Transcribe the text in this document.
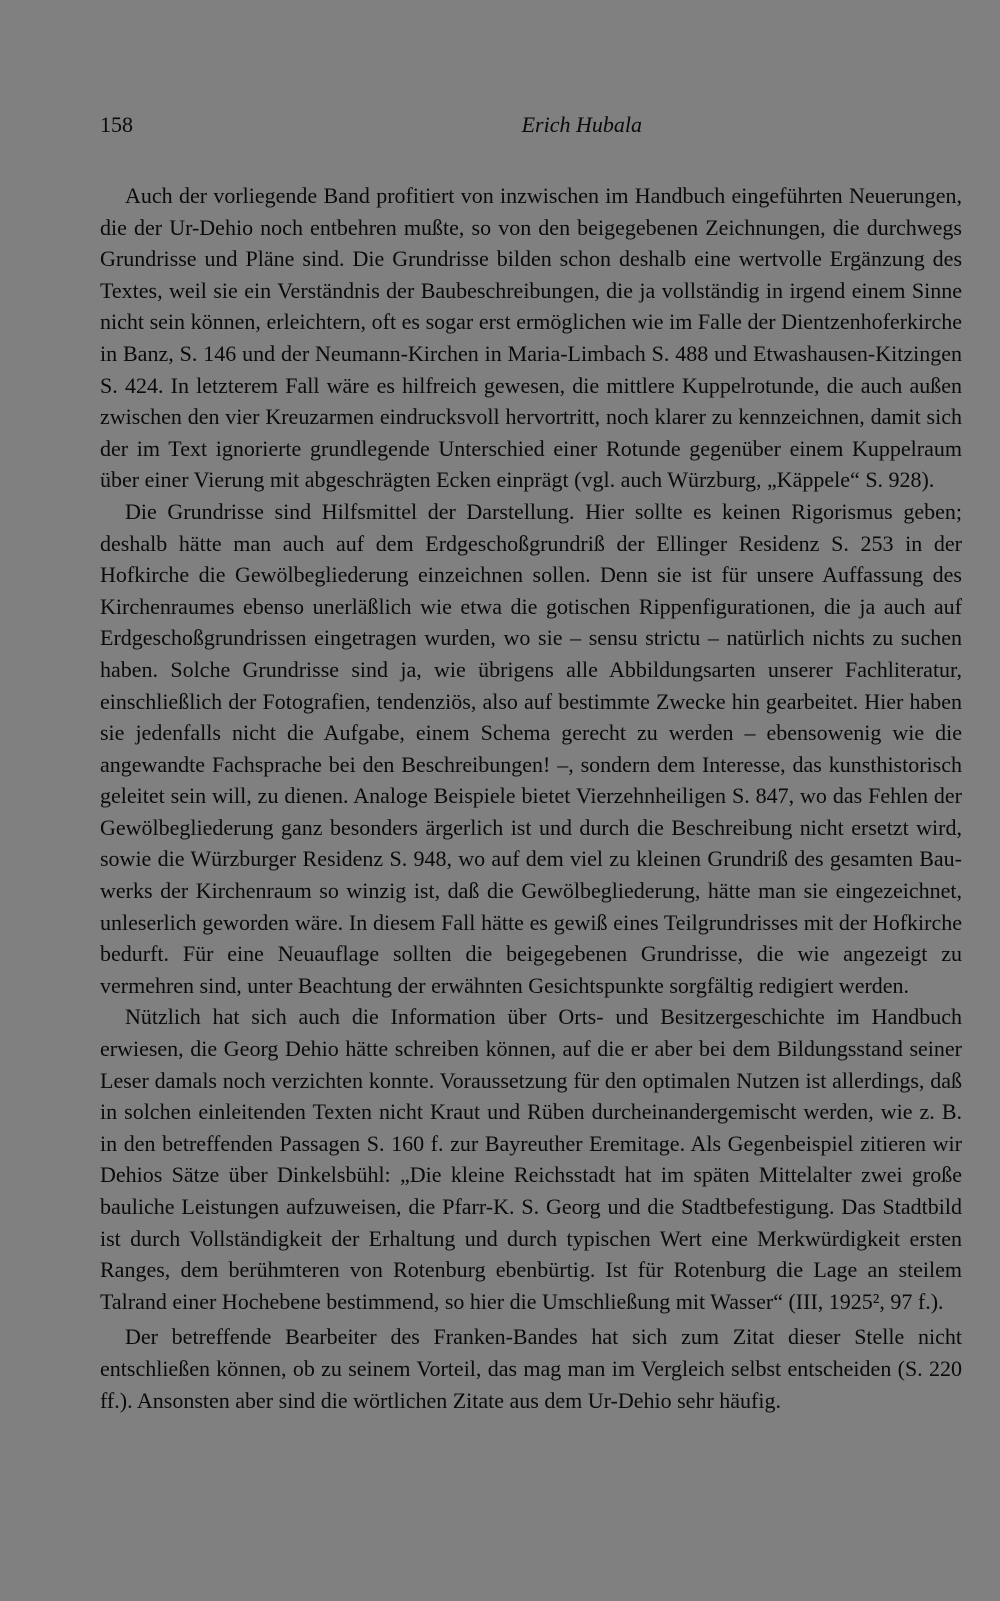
158	Erich Hubala

Auch der vorliegende Band profitiert von inzwischen im Handbuch eingeführten Neuerungen, die der Ur-Dehio noch entbehren mußte, so von den beigegebenen Zeichnungen, die durchwegs Grundrisse und Pläne sind. Die Grundrisse bilden schon deshalb eine wertvolle Ergänzung des Textes, weil sie ein Verständnis der Baubeschreibungen, die ja vollständig in irgend einem Sinne nicht sein können, erleichtern, oft es sogar erst ermöglichen wie im Falle der Dientzenhoferkirche in Banz, S. 146 und der Neumann-Kirchen in Maria-Limbach S. 488 und Etwashausen-Kitzingen S. 424. In letzterem Fall wäre es hilfreich gewesen, die mittlere Kuppelrotunde, die auch außen zwischen den vier Kreuzarmen eindrucksvoll hervortritt, noch klarer zu kennzeichnen, damit sich der im Text ignorierte grundlegende Unterschied einer Rotunde gegenüber einem Kuppelraum über einer Vierung mit abgeschrägten Ecken einprägt (vgl. auch Würzburg, „Käppele“ S. 928).

Die Grundrisse sind Hilfsmittel der Darstellung. Hier sollte es keinen Rigorismus geben; deshalb hätte man auch auf dem Erdgeschoßgrundriß der Ellinger Residenz S. 253 in der Hofkirche die Gewölbegliederung einzeichnen sollen. Denn sie ist für unsere Auffassung des Kirchenraumes ebenso unerläßlich wie etwa die gotischen Rippenfigurationen, die ja auch auf Erdgeschoßgrundrissen eingetragen wurden, wo sie – sensu strictu – natürlich nichts zu suchen haben. Solche Grundrisse sind ja, wie übrigens alle Abbildungsarten unserer Fachliteratur, einschließlich der Fotografien, tendenziös, also auf bestimmte Zwecke hin gearbeitet. Hier haben sie jedenfalls nicht die Aufgabe, einem Schema gerecht zu werden – ebensowenig wie die angewandte Fachsprache bei den Beschreibungen! –, sondern dem Interesse, das kunsthistorisch geleitet sein will, zu dienen. Analoge Beispiele bietet Vierzehnheiligen S. 847, wo das Fehlen der Gewölbegliederung ganz besonders ärgerlich ist und durch die Beschreibung nicht ersetzt wird, sowie die Würzburger Residenz S. 948, wo auf dem viel zu kleinen Grundriß des gesamten Bauwerks der Kirchenraum so winzig ist, daß die Gewölbegliederung, hätte man sie eingezeichnet, unleserlich geworden wäre. In diesem Fall hätte es gewiß eines Teilgrundrisses mit der Hofkirche bedurft. Für eine Neuauflage sollten die beigegebenen Grundrisse, die wie angezeigt zu vermehren sind, unter Beachtung der erwähnten Gesichtspunkte sorgfältig redigiert werden.

Nützlich hat sich auch die Information über Orts- und Besitzergeschichte im Handbuch erwiesen, die Georg Dehio hätte schreiben können, auf die er aber bei dem Bildungsstand seiner Leser damals noch verzichten konnte. Voraussetzung für den optimalen Nutzen ist allerdings, daß in solchen einleitenden Texten nicht Kraut und Rüben durcheinandergemischt werden, wie z. B. in den betreffenden Passagen S. 160 f. zur Bayreuther Eremitage. Als Gegenbeispiel zitieren wir Dehios Sätze über Dinkelsbühl: „Die kleine Reichsstadt hat im späten Mittelalter zwei große bauliche Leistungen aufzuweisen, die Pfarr-K. S. Georg und die Stadtbefestigung. Das Stadtbild ist durch Vollständigkeit der Erhaltung und durch typischen Wert eine Merkwürdigkeit ersten Ranges, dem berühmteren von Rotenburg ebenbürtig. Ist für Rotenburg die Lage an steilem Talrand einer Hochebene bestimmend, so hier die Umschließung mit Wasser“ (III, 1925², 97 f.).

Der betreffende Bearbeiter des Franken-Bandes hat sich zum Zitat dieser Stelle nicht entschließen können, ob zu seinem Vorteil, das mag man im Vergleich selbst entscheiden (S. 220 ff.). Ansonsten aber sind die wörtlichen Zitate aus dem Ur-Dehio sehr häufig.
